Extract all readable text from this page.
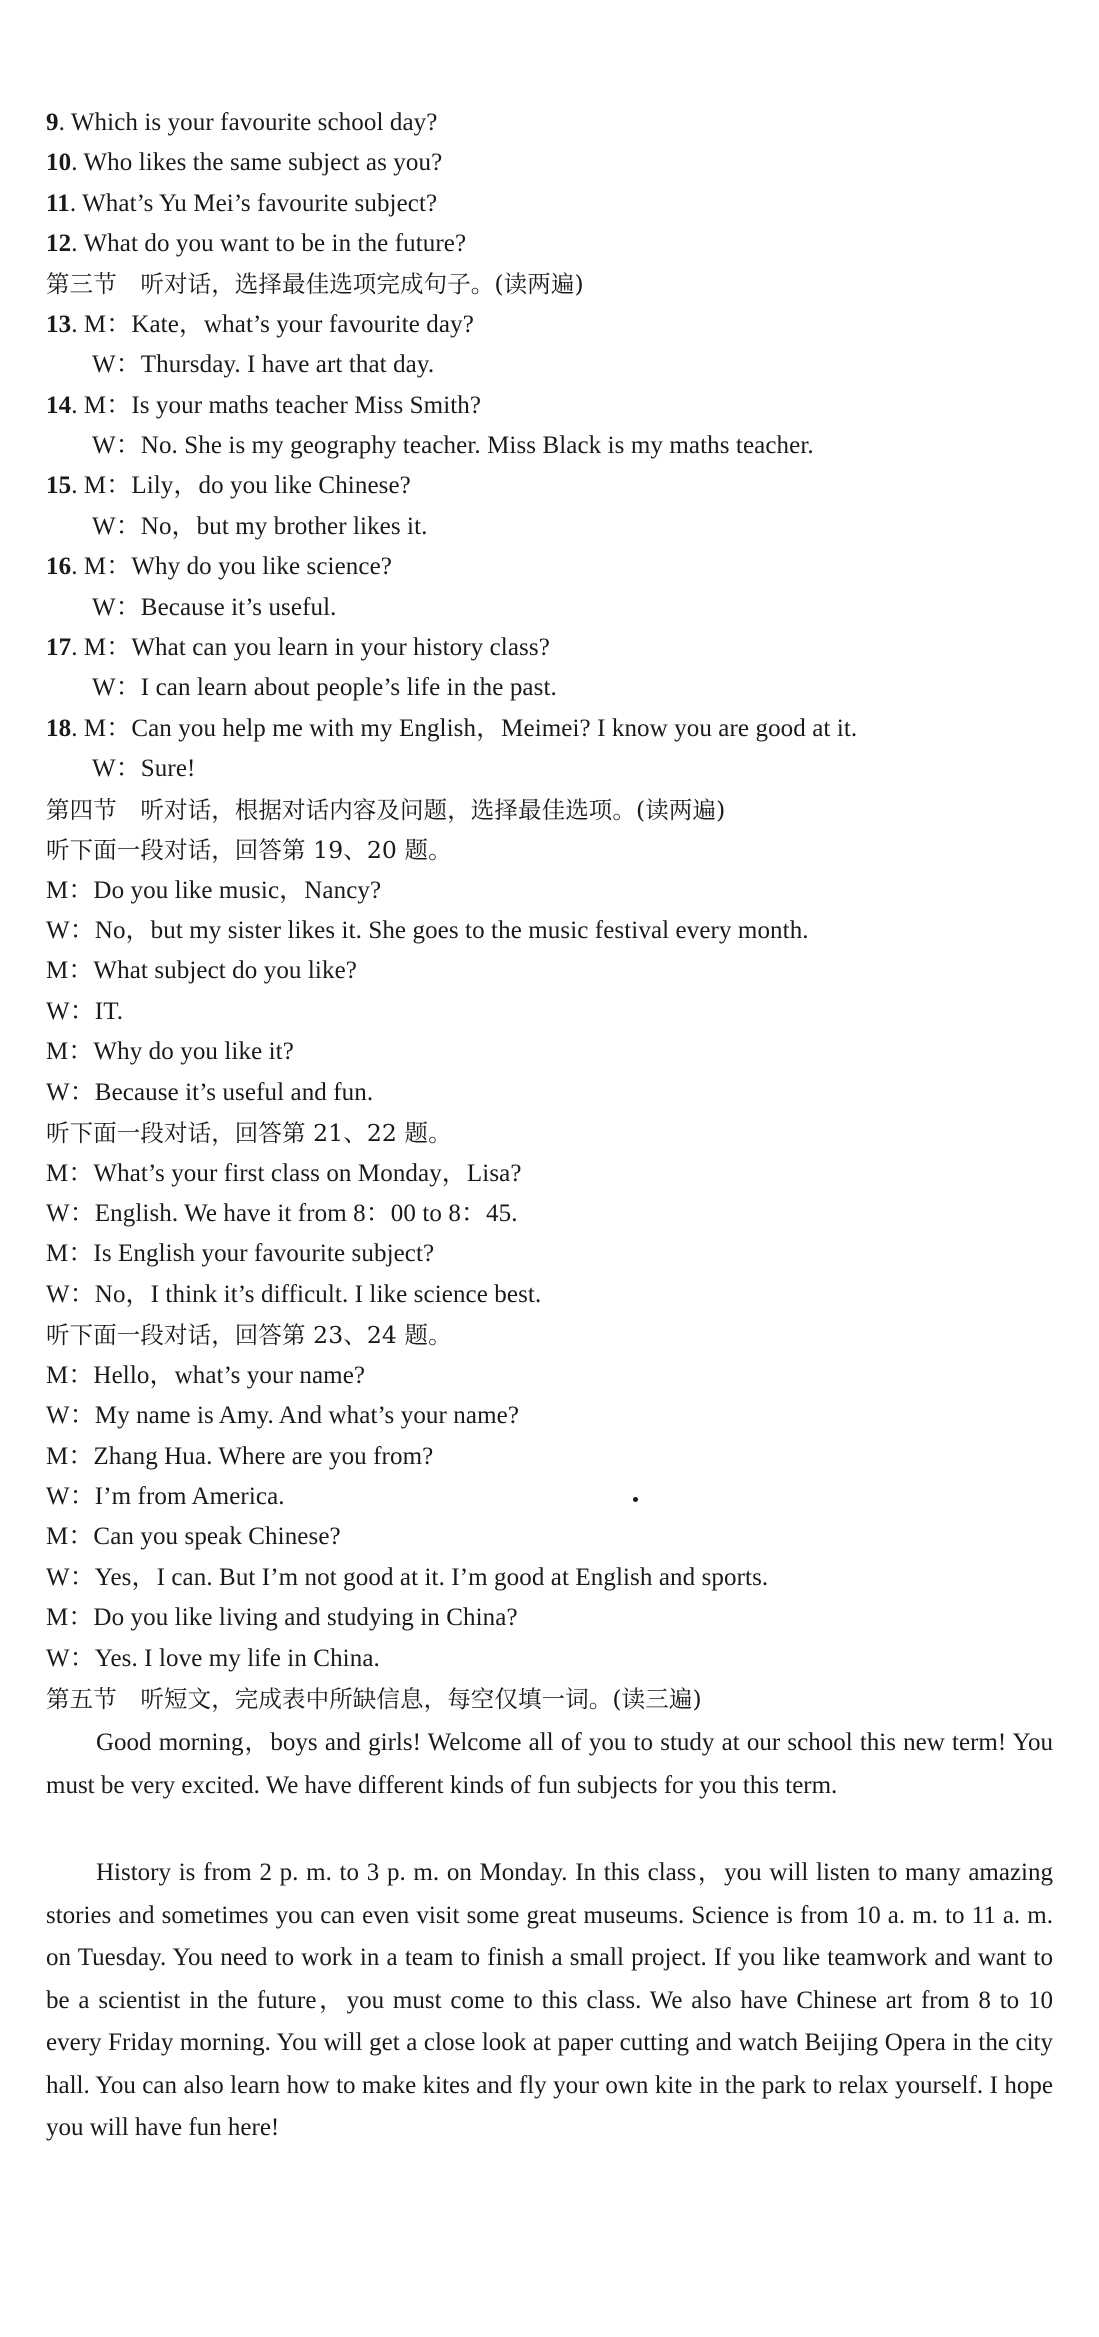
9. Which is your favourite school day?
10. Who likes the same subject as you?
11. What’s Yu Mei’s favourite subject?
12. What do you want to be in the future?
第三节　听对话，选择最佳选项完成句子。(读两遍)
13. M：Kate，what’s your favourite day?
W：Thursday. I have art that day.
14. M：Is your maths teacher Miss Smith?
W：No. She is my geography teacher. Miss Black is my maths teacher.
15. M：Lily，do you like Chinese?
W：No，but my brother likes it.
16. M：Why do you like science?
W：Because it’s useful.
17. M：What can you learn in your history class?
W：I can learn about people’s life in the past.
18. M：Can you help me with my English，Meimei? I know you are good at it.
W：Sure!
第四节　听对话，根据对话内容及问题，选择最佳选项。(读两遍)
听下面一段对话，回答第 19、20 题。
M：Do you like music，Nancy?
W：No，but my sister likes it. She goes to the music festival every month.
M：What subject do you like?
W：IT.
M：Why do you like it?
W：Because it’s useful and fun.
听下面一段对话，回答第 21、22 题。
M：What’s your first class on Monday，Lisa?
W：English. We have it from 8：00 to 8：45.
M：Is English your favourite subject?
W：No，I think it’s difficult. I like science best.
听下面一段对话，回答第 23、24 题。
M：Hello，what’s your name?
W：My name is Amy. And what’s your name?
M：Zhang Hua. Where are you from?
W：I’m from America.
M：Can you speak Chinese?
W：Yes，I can. But I’m not good at it. I’m good at English and sports.
M：Do you like living and studying in China?
W：Yes. I love my life in China.
第五节　听短文，完成表中所缺信息，每空仅填一词。(读三遍)
Good morning，boys and girls! Welcome all of you to study at our school this new term! You must be very excited. We have different kinds of fun subjects for you this term.
History is from 2 p. m. to 3 p. m. on Monday. In this class，you will listen to many amazing stories and sometimes you can even visit some great museums. Science is from 10 a. m. to 11 a. m. on Tuesday. You need to work in a team to finish a small project. If you like teamwork and want to be a scientist in the future，you must come to this class. We also have Chinese art from 8 to 10 every Friday morning. You will get a close look at paper cutting and watch Beijing Opera in the city hall. You can also learn how to make kites and fly your own kite in the park to relax yourself. I hope you will have fun here!
